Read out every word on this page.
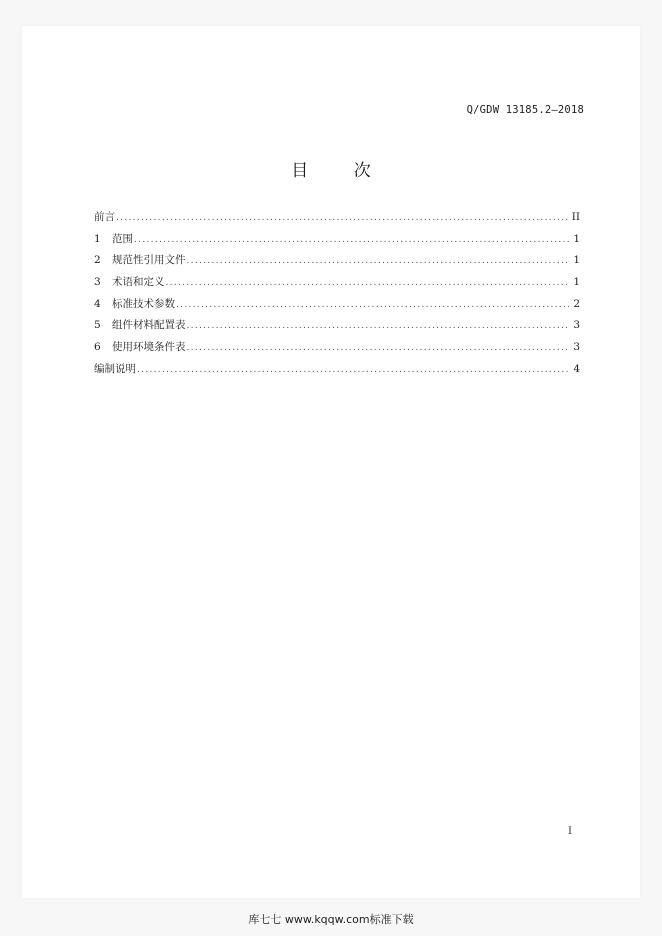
Q/GDW 13185.2—2018
目 次
前言 .....	II
1	范围 .....	1
2	规范性引用文件 .....	1
3	术语和定义 .....	1
4	标准技术参数 .....	2
5	组件材料配置表 .....	3
6	使用环境条件表 .....	3
编制说明 .....	4
I
库七七 www.kqqw.com标准下载
